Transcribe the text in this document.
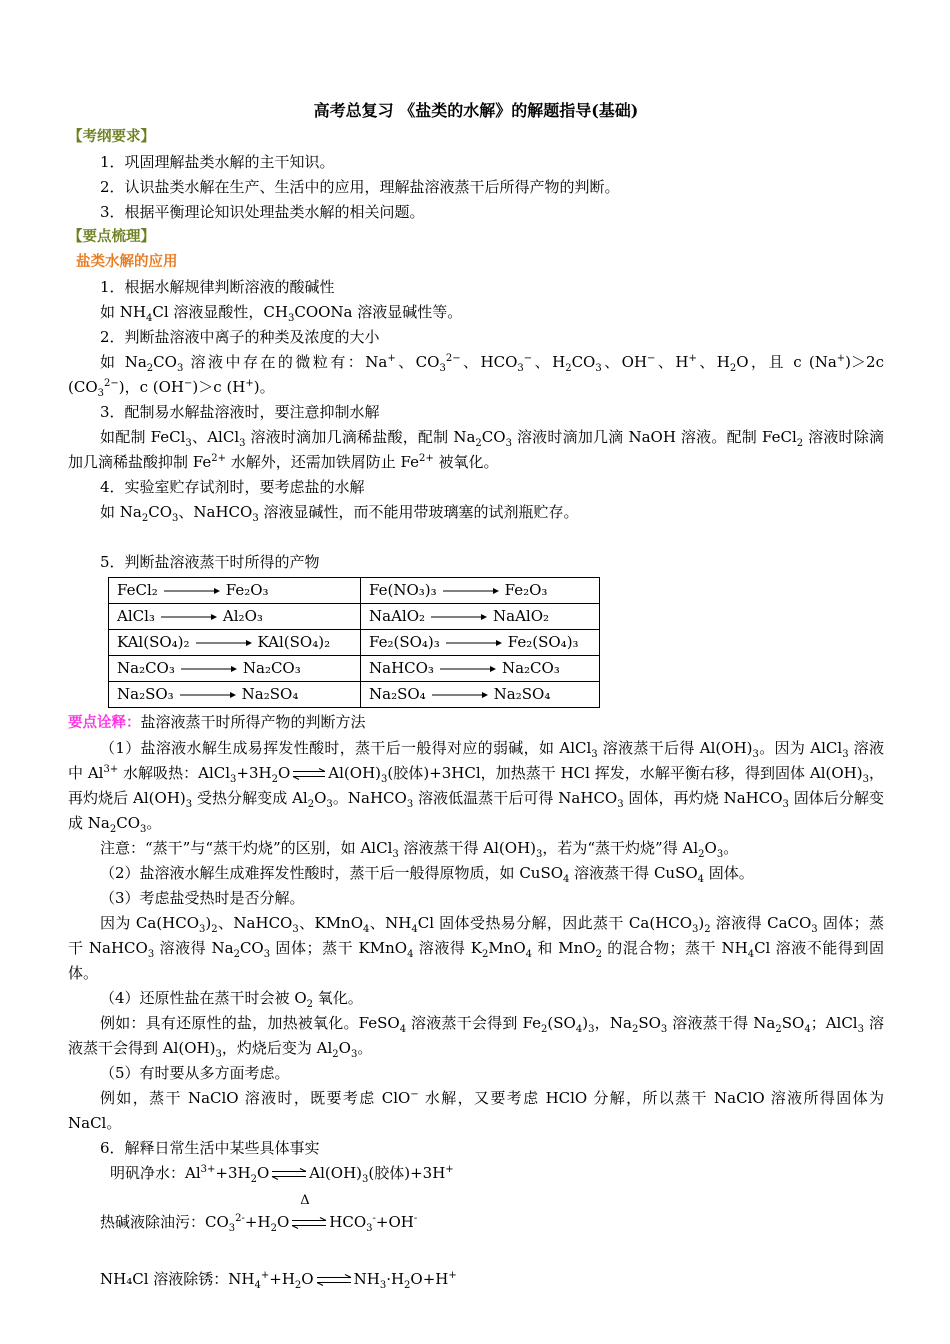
高考总复习 《盐类的水解》的解题指导(基础)
【考纲要求】

1．巩固理解盐类水解的主干知识。

2．认识盐类水解在生产、生活中的应用，理解盐溶液蒸干后所得产物的判断。

3．根据平衡理论知识处理盐类水解的相关问题。

【要点梳理】
盐类水解的应用

1．根据水解规律判断溶液的酸碱性

如 $NH_4Cl$ 溶液显酸性，$CH_3COONa$ 溶液显碱性等。

2．判断盐溶液中离子的种类及浓度的大小

如 $Na_2CO_3$ 溶液中存在的微粒有：Na+、$CO_3^{2-}$、$HCO_3^-$、$H_2CO_3$、OH−、H+、$H_2O$，且 c (Na+)＞2c $(CO_3^{2-})$，c (OH−)＞c (H+)。

3．配制易水解盐溶液时，要注意抑制水解

如配制 FeCl$_3$、AlCl$_3$ 溶液时滴加几滴稀盐酸，配制 $Na_2CO_3$ 溶液时滴加几滴 NaOH 溶液。配制 FeCl$_2$ 溶液时除滴加几滴稀盐酸抑制 $Fe^{2+}$ 水解外，还需加铁屑防止 $Fe^{2+}$ 被氧化。

4．实验室贮存试剂时，要考虑盐的水解

如 $Na_2CO_3$、NaHCO$_3$ 溶液显碱性，而不能用带玻璃塞的试剂瓶贮存。

5．判断盐溶液蒸干时所得的产物

FeCl₂ Fe₂O₃	Fe(NO₃)₃ Fe₂O₃
AlCl₃ Al₂O₃	NaAlO₂ NaAlO₂
KAl(SO₄)₂ KAl(SO₄)₂	Fe₂(SO₄)₃ Fe₂(SO₄)₃
Na₂CO₃ Na₂CO₃	NaHCO₃ Na₂CO₃
Na₂SO₃ Na₂SO₄	Na₂SO₄ Na₂SO₄

要点诠释：盐溶液蒸干时所得产物的判断方法

（1）盐溶液水解生成易挥发性酸时，蒸干后一般得对应的弱碱，如 AlCl$_3$ 溶液蒸干后得 $Al(OH)_3$。因为 AlCl$_3$ 溶液中 $Al^{3+}$ 水解吸热：$AlCl_3+3H_2O$ ⇌ $Al(OH)_3$(胶体)+3HCl，加热蒸干 HCl 挥发，水解平衡右移，得到固体 $Al(OH)_3$，再灼烧后 $Al(OH)_3$ 受热分解变成 $Al_2O_3$。NaHCO$_3$ 溶液低温蒸干后可得 NaHCO$_3$ 固体，再灼烧 NaHCO$_3$ 固体后分解变成 $Na_2CO_3$。

注意：“蒸干”与“蒸干灼烧”的区别，如 AlCl$_3$ 溶液蒸干得 $Al(OH)_3$，若为“蒸干灼烧”得 $Al_2O_3$。

（2）盐溶液水解生成难挥发性酸时，蒸干后一般得原物质，如 CuSO$_4$ 溶液蒸干得 CuSO$_4$ 固体。

（3）考虑盐受热时是否分解。

因为 $Ca(HCO_3)_2$、NaHCO$_3$、KMnO$_4$、$NH_4Cl$ 固体受热易分解，因此蒸干 $Ca(HCO_3)_2$ 溶液得 CaCO$_3$ 固体；蒸干 NaHCO$_3$ 溶液得 $Na_2CO_3$ 固体；蒸干 KMnO$_4$ 溶液得 $K_2MnO_4$ 和 MnO$_2$ 的混合物；蒸干 $NH_4Cl$ 溶液不能得到固体。

（4）还原性盐在蒸干时会被 $O_2$ 氧化。

例如：具有还原性的盐，加热被氧化。FeSO$_4$ 溶液蒸干会得到 $Fe_2(SO_4)_3$，$Na_2SO_3$ 溶液蒸干得 $Na_2SO_4$；AlCl$_3$ 溶液蒸干会得到 $Al(OH)_3$，灼烧后变为 $Al_2O_3$。

（5）有时要从多方面考虑。

例如，蒸干 NaClO 溶液时，既要考虑 ClO− 水解，又要考虑 HClO 分解，所以蒸干 NaClO 溶液所得固体为 NaCl。

6．解释日常生活中某些具体事实

明矾净水：$Al^{3+}+3H_2O$ ⇌ $Al(OH)_3$(胶体)+3H+

热碱液除油污：$CO_3^{2-}+H_2O$
Δ
$HCO_3^-+OH^-$

NH₄Cl 溶液除锈：$NH_4^++H_2O$ ⇌ $NH_3\cdot H_2O+H^+$
